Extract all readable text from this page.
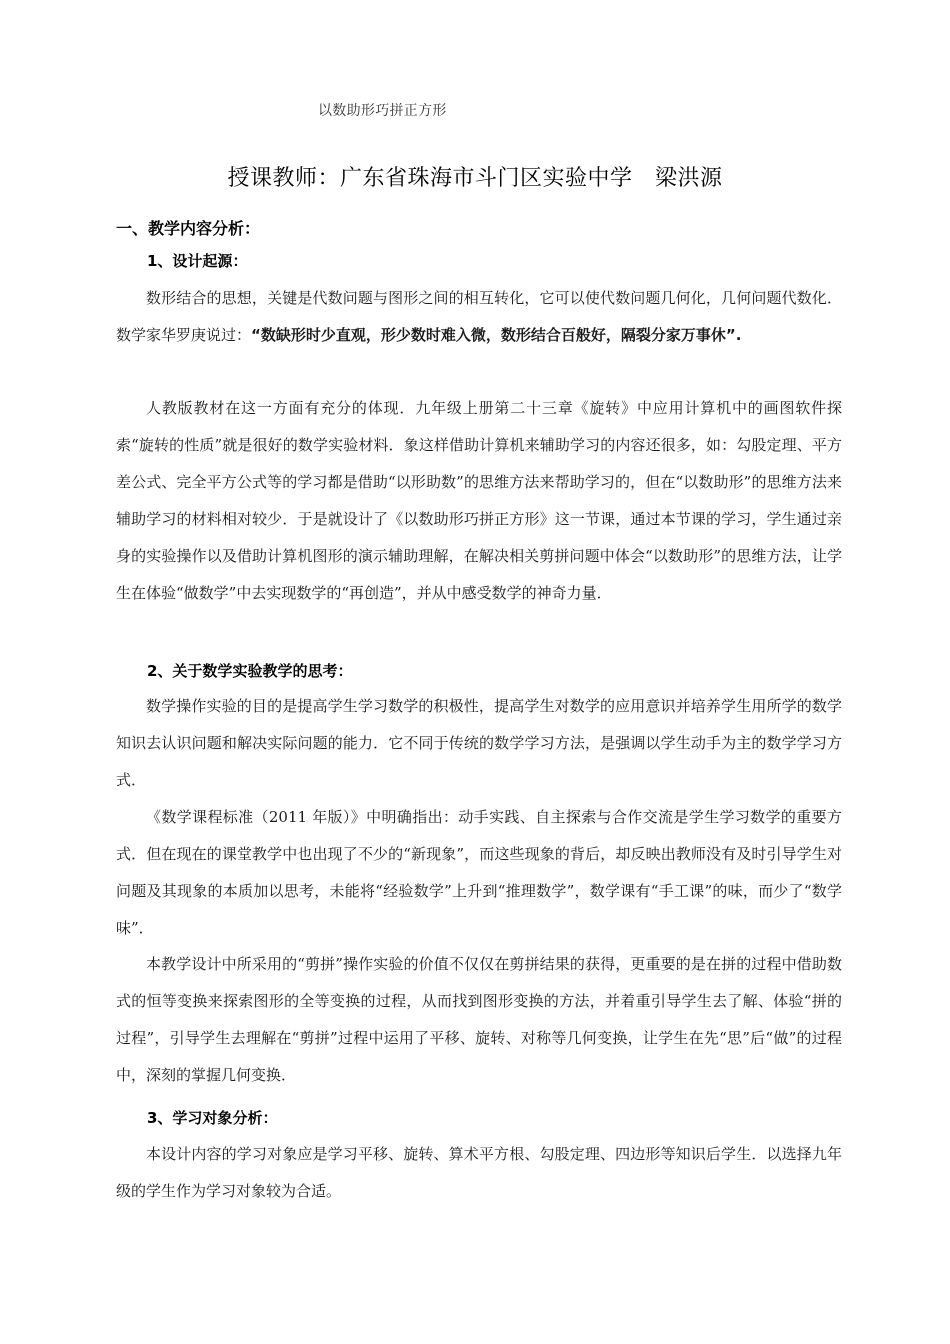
以数助形巧拼正方形
授课教师：广东省珠海市斗门区实验中学　梁洪源
一、教学内容分析：
1、设计起源：

数形结合的思想，关键是代数问题与图形之间的相互转化，它可以使代数问题几何化，几何问题代数化．数学家华罗庚说过：“数缺形时少直观，形少数时难入微，数形结合百般好，隔裂分家万事休”.

人教版教材在这一方面有充分的体现．九年级上册第二十三章《旋转》中应用计算机中的画图软件探索“旋转的性质”就是很好的数学实验材料．象这样借助计算机来辅助学习的内容还很多，如：勾股定理、平方差公式、完全平方公式等的学习都是借助“以形助数”的思维方法来帮助学习的，但在“以数助形”的思维方法来辅助学习的材料相对较少．于是就设计了《以数助形巧拼正方形》这一节课，通过本节课的学习，学生通过亲身的实验操作以及借助计算机图形的演示辅助理解，在解决相关剪拼问题中体会“以数助形”的思维方法，让学生在体验“做数学”中去实现数学的“再创造”，并从中感受数学的神奇力量．

2、关于数学实验教学的思考：

数学操作实验的目的是提高学生学习数学的积极性，提高学生对数学的应用意识并培养学生用所学的数学知识去认识问题和解决实际问题的能力．它不同于传统的数学学习方法，是强调以学生动手为主的数学学习方式．

《数学课程标准（2011 年版）》中明确指出：动手实践、自主探索与合作交流是学生学习数学的重要方式．但在现在的课堂教学中也出现了不少的“新现象”，而这些现象的背后，却反映出教师没有及时引导学生对问题及其现象的本质加以思考，未能将“经验数学”上升到“推理数学”，数学课有“手工课”的味，而少了“数学味”．

本教学设计中所采用的“剪拼”操作实验的价值不仅仅在剪拼结果的获得，更重要的是在拼的过程中借助数式的恒等变换来探索图形的全等变换的过程，从而找到图形变换的方法，并着重引导学生去了解、体验“拼的过程”，引导学生去理解在“剪拼”过程中运用了平移、旋转、对称等几何变换，让学生在先“思”后“做”的过程中，深刻的掌握几何变换．

3、学习对象分析：

本设计内容的学习对象应是学习平移、旋转、算术平方根、勾股定理、四边形等知识后学生．以选择九年级的学生作为学习对象较为合适。
